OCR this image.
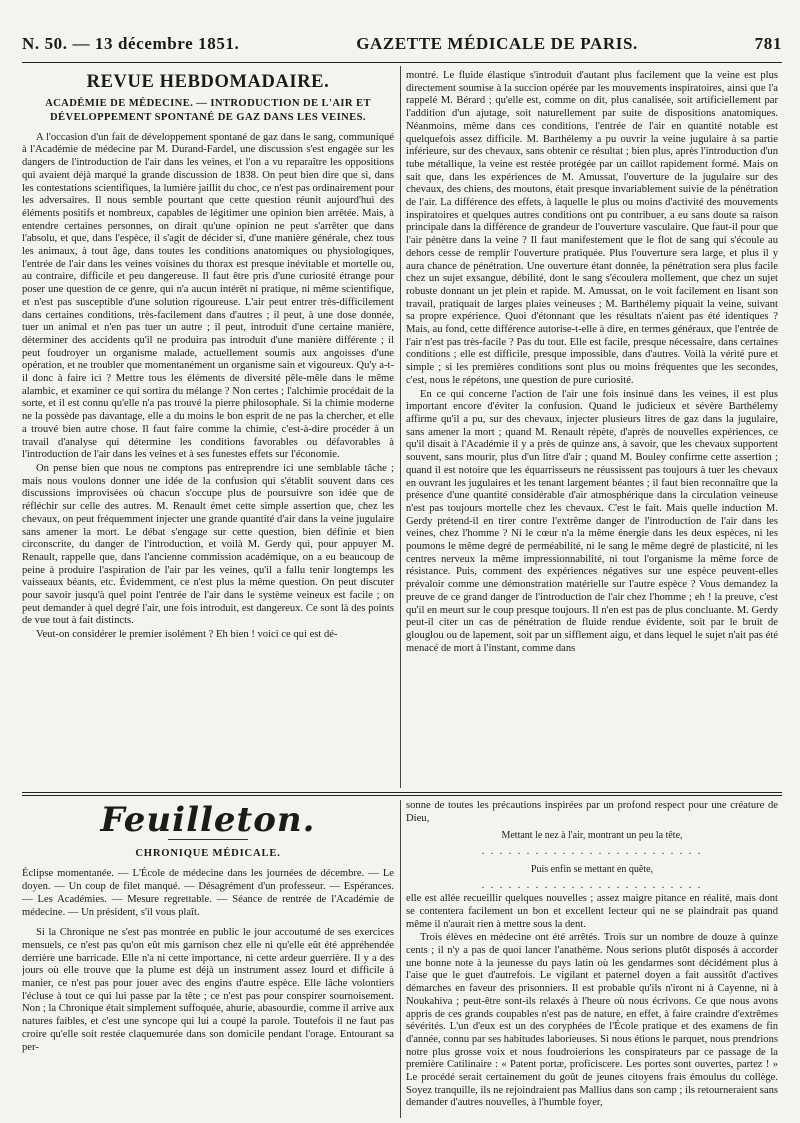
N. 50. — 13 décembre 1851.	GAZETTE MÉDICALE DE PARIS.	781
REVUE HEBDOMADAIRE.
ACADÉMIE DE MÉDECINE. — INTRODUCTION DE L'AIR ET DÉVELOPPEMENT SPONTANÉ DE GAZ DANS LES VEINES.

A l'occasion d'un fait de développement spontané de gaz dans le sang, communiqué à l'Académie de médecine par M. Durand-Fardel, une discussion s'est engagée sur les dangers de l'introduction de l'air dans les veines, et l'on a vu reparaître les oppositions qui avaient déjà marqué la grande discussion de 1838. On peut bien dire que si, dans les contestations scientifiques, la lumière jaillit du choc, ce n'est pas ordinairement pour les adversaires. Il nous semble pourtant que cette question réunit aujourd'hui des éléments positifs et nombreux, capables de légitimer une opinion bien arrêtée. Mais, à entendre certaines personnes, on dirait qu'une opinion ne peut s'arrêter que dans l'absolu, et que, dans l'espèce, il s'agit de décider si, d'une manière générale, chez tous les animaux, à tout âge, dans toutes les conditions anatomiques ou physiologiques, l'entrée de l'air dans les veines voisines du thorax est presque inévitable et mortelle ou, au contraire, difficile et peu dangereuse. Il faut être pris d'une curiosité étrange pour poser une question de ce genre, qui n'a aucun intérêt ni pratique, ni même scientifique, et n'est pas susceptible d'une solution rigoureuse. L'air peut entrer très-difficilement dans certaines conditions, très-facilement dans d'autres ; il peut, à une dose donnée, tuer un animal et n'en pas tuer un autre ; il peut, introduit d'une certaine manière, déterminer des accidents qu'il ne produira pas introduit d'une manière différente ; il peut foudroyer un organisme malade, actuellement soumis aux angoisses d'une opération, et ne troubler que momentanément un organisme sain et vigoureux. Qu'y a-t-il donc à faire ici ? Mettre tous les éléments de diversité pêle-mêle dans le même alambic, et examiner ce qui sortira du mélange ? Non certes ; l'alchimie procédait de la sorte, et il est connu qu'elle n'a pas trouvé la pierre philosophale. Si la chimie moderne ne la possède pas davantage, elle a du moins le bon esprit de ne pas la chercher, et elle a trouvé bien autre chose. Il faut faire comme la chimie, c'est-à-dire procéder à un travail d'analyse qui détermine les conditions favorables ou défavorables à l'introduction de l'air dans les veines et à ses funestes effets sur l'économie.

On pense bien que nous ne comptons pas entreprendre ici une semblable tâche ; mais nous voulons donner une idée de la confusion qui s'établit souvent dans ces discussions improvisées où chacun s'occupe plus de poursuivre son idée que de réfléchir sur celle des autres. M. Renault émet cette simple assertion que, chez les chevaux, on peut fréquemment injecter une grande quantité d'air dans la veine jugulaire sans amener la mort. Le débat s'engage sur cette question, bien définie et bien circonscrite, du danger de l'introduction, et voilà M. Gerdy qui, pour appuyer M. Renault, rappelle que, dans l'ancienne commission académique, on a eu beaucoup de peine à produire l'aspiration de l'air par les veines, qu'il a fallu tenir longtemps les vaisseaux béants, etc. Évidemment, ce n'est plus la même question. On peut discuter pour savoir jusqu'à quel point l'entrée de l'air dans le système veineux est facile ; on peut demander à quel degré l'air, une fois introduit, est dangereux. Ce sont là des points de vue tout à fait distincts.

Veut-on considérer le premier isolément ? Eh bien ! voici ce qui est dé-

montré. Le fluide élastique s'introduit d'autant plus facilement que la veine est plus directement soumise à la succion opérée par les mouvements inspiratoires, ainsi que l'a rappelé M. Bérard ; qu'elle est, comme on dit, plus canalisée, soit artificiellement par l'addition d'un ajutage, soit naturellement par suite de dispositions anatomiques. Néanmoins, même dans ces conditions, l'entrée de l'air en quantité notable est quelquefois assez difficile. M. Barthélemy a pu ouvrir la veine jugulaire à sa partie inférieure, sur des chevaux, sans obtenir ce résultat ; bien plus, après l'introduction d'un tube métallique, la veine est restée protégée par un caillot rapidement formé. Mais on sait que, dans les expériences de M. Amussat, l'ouverture de la jugulaire sur des chevaux, des chiens, des moutons, était presque invariablement suivie de la pénétration de l'air. La différence des effets, à laquelle le plus ou moins d'activité des mouvements inspiratoires et quelques autres conditions ont pu contribuer, a eu sans doute sa raison principale dans la différence de grandeur de l'ouverture vasculaire. Que faut-il pour que l'air pénètre dans la veine ? Il faut manifestement que le flot de sang qui s'écoule au dehors cesse de remplir l'ouverture pratiquée. Plus l'ouverture sera large, et plus il y aura chance de pénétration. Une ouverture étant donnée, la pénétration sera plus facile chez un sujet exsangue, débilité, dont le sang s'écoulera mollement, que chez un sujet robuste donnant un jet plein et rapide. M. Amussat, on le voit facilement en lisant son travail, pratiquait de larges plaies veineuses ; M. Barthélemy piquait la veine, suivant sa propre expérience. Quoi d'étonnant que les résultats n'aient pas été identiques ? Mais, au fond, cette différence autorise-t-elle à dire, en termes généraux, que l'entrée de l'air n'est pas très-facile ? Pas du tout. Elle est facile, presque nécessaire, dans certaines conditions ; elle est difficile, presque impossible, dans d'autres. Voilà la vérité pure et simple ; si les premières conditions sont plus ou moins fréquentes que les secondes, c'est, nous le répétons, une question de pure curiosité.

En ce qui concerne l'action de l'air une fois insinué dans les veines, il est plus important encore d'éviter la confusion. Quand le judicieux et sévère Barthélemy affirme qu'il a pu, sur des chevaux, injecter plusieurs litres de gaz dans la jugulaire, sans amener la mort ; quand M. Renault répète, d'après de nouvelles expériences, ce qu'il disait à l'Académie il y a près de quinze ans, à savoir, que les chevaux supportent souvent, sans mourir, plus d'un litre d'air ; quand M. Bouley confirme cette assertion ; quand il est notoire que les équarrisseurs ne réussissent pas toujours à tuer les chevaux en ouvrant les jugulaires et les tenant largement béantes ; il faut bien reconnaître que la présence d'une quantité considérable d'air atmosphérique dans la circulation veineuse n'est pas toujours mortelle chez les chevaux. C'est le fait. Mais quelle induction M. Gerdy prétend-il en tirer contre l'extrême danger de l'introduction de l'air dans les veines, chez l'homme ? Ni le cœur n'a la même énergie dans les deux espèces, ni les poumons le même degré de perméabilité, ni le sang le même degré de plasticité, ni les centres nerveux la même impressionnabilité, ni tout l'organisme la même force de résistance. Puis, comment des expériences négatives sur une espèce peuvent-elles prévaloir comme une démonstration matérielle sur l'autre espèce ? Vous demandez la preuve de ce grand danger de l'introduction de l'air chez l'homme ; eh ! la preuve, c'est qu'il en meurt sur le coup presque toujours. Il n'en est pas de plus concluante. M. Gerdy peut-il citer un cas de pénétration de fluide rendue évidente, soit par le bruit de glouglou ou de lapement, soit par un sifflement aigu, et dans lequel le sujet n'ait pas été menacé de mort à l'instant, comme dans

Feuilleton.
CHRONIQUE MÉDICALE.

Éclipse momentanée. — L'École de médecine dans les journées de décembre. — Le doyen. — Un coup de filet manqué. — Désagrément d'un professeur. — Espérances. — Les Académies. — Mesure regrettable. — Séance de rentrée de l'Académie de médecine. — Un président, s'il vous plaît.

Si la Chronique ne s'est pas montrée en public le jour accoutumé de ses exercices mensuels, ce n'est pas qu'on eût mis garnison chez elle ni qu'elle eût été appréhendée derrière une barricade. Elle n'a ni cette importance, ni cette ardeur guerrière. Il y a des jours où elle trouve que la plume est déjà un instrument assez lourd et difficile à manier, ce n'est pas pour jouer avec des engins d'autre espèce. Elle lâche volontiers l'écluse à tout ce qui lui passe par la tête ; ce n'est pas pour conspirer sournoisement. Non ; la Chronique était simplement suffoquée, ahurie, abasourdie, comme il arrive aux natures faibles, et c'est une syncope qui lui a coupé la parole. Toutefois il ne faut pas croire qu'elle soit restée claquemurée dans son domicile pendant l'orage. Entourant sa per-

sonne de toutes les précautions inspirées par un profond respect pour une créature de Dieu,

Mettant le nez à l'air, montrant un peu la tête,

. . . . . . . . . . . . . . . . . . . . . . . . .

Puis enfin se mettant en quête,

. . . . . . . . . . . . . . . . . . . . . . . . .

elle est allée recueillir quelques nouvelles ; assez maigre pitance en réalité, mais dont se contentera facilement un bon et excellent lecteur qui ne se plaindrait pas quand même il n'aurait rien à mettre sous la dent.

Trois élèves en médecine ont été arrêtés. Trois sur un nombre de douze à quinze cents ; il n'y a pas de quoi lancer l'anathème. Nous serions plutôt disposés à accorder une bonne note à la jeunesse du pays latin où les gendarmes sont décidément plus à l'aise que le guet d'autrefois. Le vigilant et paternel doyen a fait aussitôt d'actives démarches en faveur des prisonniers. Il est probable qu'ils n'iront ni à Cayenne, ni à Noukahiva ; peut-être sont-ils relaxés à l'heure où nous écrivons. Ce que nous avons appris de ces grands coupables n'est pas de nature, en effet, à faire craindre d'extrêmes sévérités. L'un d'eux est un des coryphées de l'École pratique et des examens de fin d'année, connu par ses habitudes laborieuses. Si nous étions le parquet, nous prendrions notre plus grosse voix et nous foudroierions les conspirateurs par ce passage de la première Catilinaire : « Patent portæ, proficiscere. Les portes sont ouvertes, partez ! » Le procédé serait certainement du goût de jeunes citoyens frais émoulus du collège. Soyez tranquille, ils ne rejoindraient pas Mallius dans son camp ; ils retourneraient sans demander d'autres nouvelles, à l'humble foyer,
